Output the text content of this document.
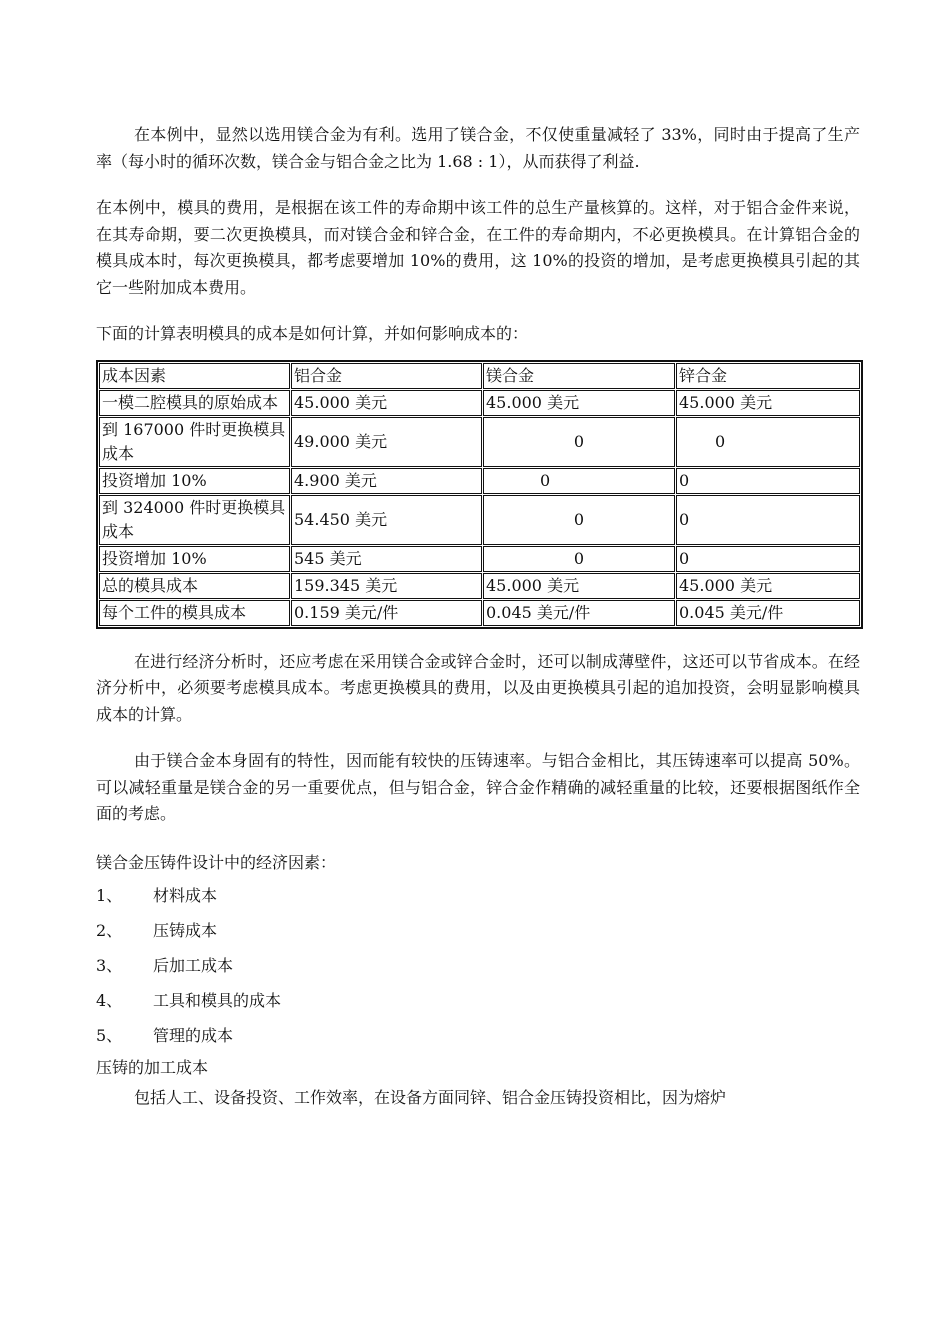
在本例中，显然以选用镁合金为有利。选用了镁合金，不仅使重量减轻了 33%，同时由于提高了生产率（每小时的循环次数，镁合金与铝合金之比为 1.68 : 1），从而获得了利益.

在本例中，模具的费用，是根据在该工件的寿命期中该工件的总生产量核算的。这样，对于铝合金件来说，在其寿命期，要二次更换模具，而对镁合金和锌合金，在工件的寿命期内，不必更换模具。在计算铝合金的模具成本时，每次更换模具，都考虑要增加 10%的费用，这 10%的投资的增加，是考虑更换模具引起的其它一些附加成本费用。

下面的计算表明模具的成本是如何计算，并如何影响成本的：

成本因素	铝合金	镁合金	锌合金
一模二腔模具的原始成本	45.000 美元	45.000 美元	45.000 美元
到 167000 件时更换模具成本	49.000 美元	0	0
投资增加 10%	4.900 美元	0	0
到 324000 件时更换模具成本	54.450 美元	0	0
投资增加 10%	545 美元	0	0
总的模具成本	159.345 美元	45.000 美元	45.000 美元
每个工件的模具成本	0.159 美元/件	0.045 美元/件	0.045 美元/件

在进行经济分析时，还应考虑在采用镁合金或锌合金时，还可以制成薄壁件，这还可以节省成本。在经济分析中，必须要考虑模具成本。考虑更换模具的费用，以及由更换模具引起的追加投资，会明显影响模具成本的计算。

由于镁合金本身固有的特性，因而能有较快的压铸速率。与铝合金相比，其压铸速率可以提高 50%。可以减轻重量是镁合金的另一重要优点，但与铝合金，锌合金作精确的减轻重量的比较，还要根据图纸作全面的考虑。

镁合金压铸件设计中的经济因素：

1、	材料成本
2、	压铸成本
3、	后加工成本
4、	工具和模具的成本
5、	管理的成本

压铸的加工成本

包括人工、设备投资、工作效率，在设备方面同锌、铝合金压铸投资相比，因为熔炉
